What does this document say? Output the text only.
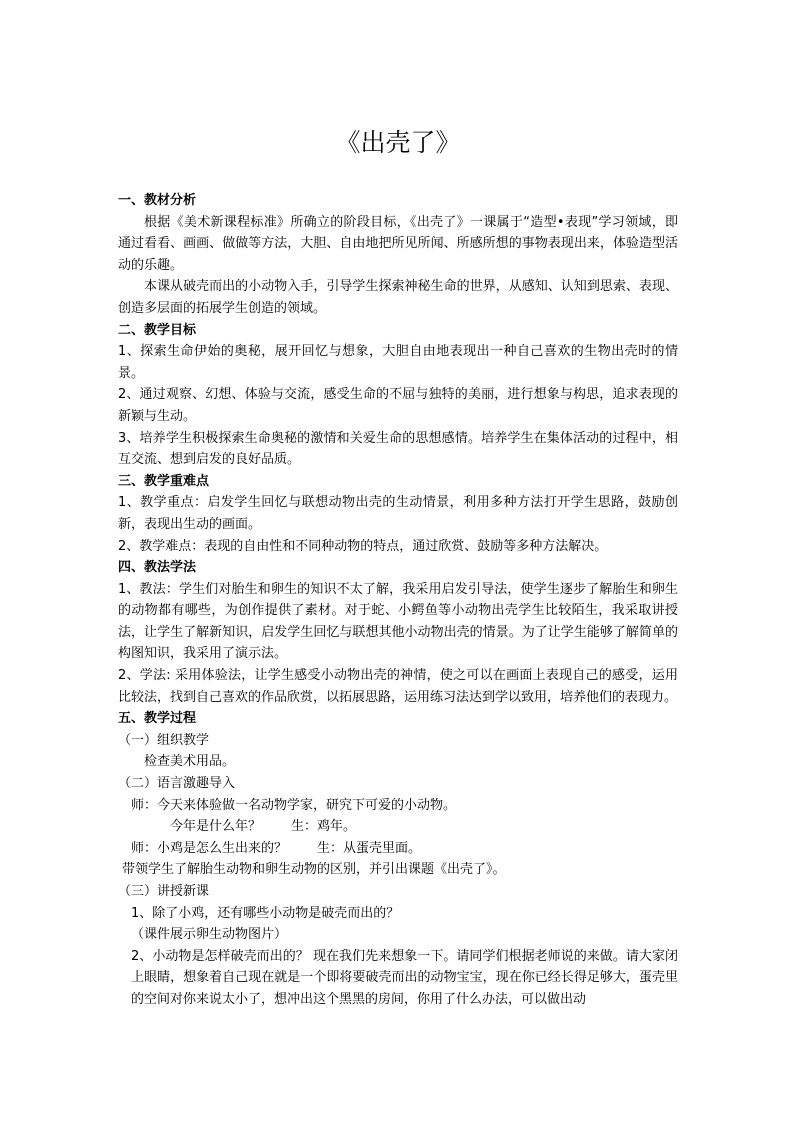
《出壳了》
一、教材分析
根据《美术新课程标准》所确立的阶段目标，《出壳了》一课属于“造型•表现”学习领域，即通过看看、画画、做做等方法，大胆、自由地把所见所闻、所感所想的事物表现出来，体验造型活动的乐趣。
本课从破壳而出的小动物入手，引导学生探索神秘生命的世界，从感知、认知到思索、表现、创造多层面的拓展学生创造的领域。
二、教学目标
1、探索生命伊始的奥秘，展开回忆与想象，大胆自由地表现出一种自己喜欢的生物出壳时的情景。
2、通过观察、幻想、体验与交流，感受生命的不屈与独特的美丽，进行想象与构思，追求表现的新颖与生动。
3、培养学生积极探索生命奥秘的激情和关爱生命的思想感情。培养学生在集体活动的过程中，相互交流、想到启发的良好品质。
三、教学重难点
1、教学重点：启发学生回忆与联想动物出壳的生动情景，利用多种方法打开学生思路，鼓励创新，表现出生动的画面。
2、教学难点：表现的自由性和不同种动物的特点，通过欣赏、鼓励等多种方法解决。
四、教法学法
1、教法：学生们对胎生和卵生的知识不太了解，我采用启发引导法，使学生逐步了解胎生和卵生的动物都有哪些，为创作提供了素材。对于蛇、小鳄鱼等小动物出壳学生比较陌生，我采取讲授法，让学生了解新知识，启发学生回忆与联想其他小动物出壳的情景。为了让学生能够了解简单的构图知识，我采用了演示法。
2、学法: 采用体验法，让学生感受小动物出壳的神情，使之可以在画面上表现自己的感受，运用比较法，找到自己喜欢的作品欣赏，以拓展思路，运用练习法达到学以致用，培养他们的表现力。
五、教学过程
（一）组织教学
检查美术用品。
（二）语言激趣导入
师：今天来体验做一名动物学家，研究下可爱的小动物。
今年是什么年？ 生：鸡年。
师：小鸡是怎么生出来的？ 生：从蛋壳里面。
带领学生了解胎生动物和卵生动物的区别，并引出课题《出壳了》。
（三）讲授新课
1、除了小鸡，还有哪些小动物是破壳而出的？
（课件展示卵生动物图片）
2、小动物是怎样破壳而出的？ 现在我们先来想象一下。请同学们根据老师说的来做。请大家闭上眼睛，想象着自己现在就是一个即将要破壳而出的动物宝宝，现在你已经长得足够大，蛋壳里的空间对你来说太小了，想冲出这个黑黑的房间，你用了什么办法，可以做出动
